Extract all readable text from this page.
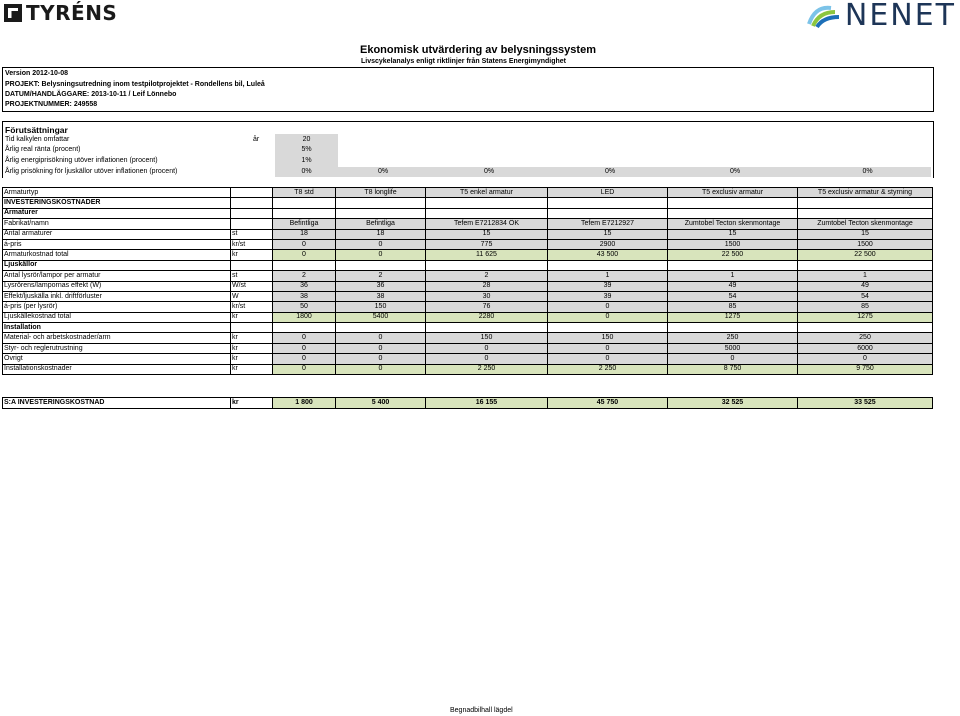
TYRÉNS	NENET
Ekonomisk utvärdering av belysningssystem
Livscykelanalys enligt riktlinjer från Statens Energimyndighet
Version 2012-10-08
PROJEKT: Belysningsutredning inom testpilotprojektet - Rondellens bil, Luleå
DATUM/HANDLÄGGARE: 2013-10-11 / Leif Lönnebo
PROJEKTNUMMER: 249558
Förutsättningar
Tid kalkylen omfattar	år	20
Årlig real ränta (procent)	5%
Årlig energiprisökning utöver inflationen (procent)	1%
Årlig prisökning för ljuskällor utöver inflationen (procent)	0%	0%	0%	0%	0%	0%
Armaturtyp		T8 std	T8 longlife	T5 enkel armatur	LED	T5 exclusiv armatur	T5 exclusiv armatur & styrning
INVESTERINGSKOSTNADER							
Armaturer							
Fabrikat/namn		Befintliga	Befintliga	Tefem E7212834 ÖK	Tefem E7212927	Zumtobel Tecton skenmontage	Zumtobel Tecton skenmontage
Antal armaturer	st	18	18	15	15	15	15
á-pris	kr/st	0	0	775	2900	1500	1500
Armaturkostnad total	kr	0	0	11 625	43 500	22 500	22 500
Ljuskällor							
Antal lysrör/lampor per armatur	st	2	2	2	1	1	1
Lysrörens/lampornas effekt (W)	W/st	36	36	28	39	49	49
Effekt/ljuskälla inkl. driftförluster	W	38	38	30	39	54	54
á-pris (per lysrör)	kr/st	50	150	76	0	85	85
Ljuskällekostnad total	kr	1800	5400	2280	0	1275	1275
Installation							
Material- och arbetskostnader/arm	kr	0	0	150	150	250	250
Styr- och reglerutrustning	kr	0	0	0	0	5000	6000
Övrigt	kr	0	0	0	0	0	0
Installationskostnader	kr	0	0	2 250	2 250	8 750	9 750
S:A INVESTERINGSKOSTNAD	kr	1 800	5 400	16 155	45 750	32 525	33 525
Begnadbilhall lägdel
